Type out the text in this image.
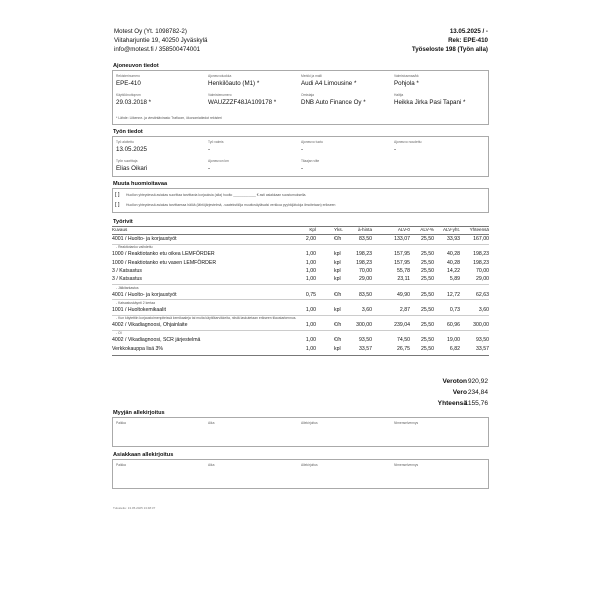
Motest Oy (Yt. 1098782-2)
Viitaharjuntie 19, 40250 Jyväskylä
info@motest.fi / 358500474001
13.05.2025 / -
Rek: EPE-410
Työseloste 198 (Työn alla)
Ajoneuvon tiedot
Rekisterinumero
EPE-410
Ajoneuvoluokka
Henkilöauto (M1) *
Merkki ja malli
Audi A4 Limousine *
Valmistusmaa/kk
Pohjola *
Käyttöönottopvm
29.03.2018 *
Valmistenumero
WAUZZZF48JA109178 *
Omistaja
DNB Auto Finance Oy *
Haltija
Heikka Jirka Pasi Tapani *
* Lähde: Liikenne- ja viestintävirasto Traficom, ökonomiatiedot rekisteri
Työn tiedot
Työ aloitettu
13.05.2025
Työ valmis
-
Ajoneuvo tuotu
-
Ajoneuvo noudettu
-
Työn suorittaja
Elias Oikari
Ajoneuvon km
-
Tilaajan viite
-
Muuta huomioitavaa
[ ] Huollon yhteydessä asiakas suorittaa tarvittavia korjauksia (alla) huolto ____________ € asti asiakkaan suostumuksella.
[ ] Huollon yhteydessä asiakas tarvittaessa hälöä (lähtöjärjestelmä, -vaatekstilöja muuttoväyläsalsi verkkoa pyyhkijätuloja ilmoitetaan) erikseen
Työrivit
Kuvaus	Kpl	Yks.	à-hinta	ALV-0	ALV-%	ALV-yht.	Yhteensä
4001 / Huolto- ja korjaustyöt	2,00	€/h	83,50	133,07	25,50	33,93	167,00
- Reaktiotanko vaihdettu
1000 / Reaktiotanko etu oikea LEMFÖRDER	1,00	kpl	198,23	157,95	25,50	40,28	198,23
1000 / Reaktiotanko etu vasen LEMFÖRDER	1,00	kpl	198,23	157,95	25,50	40,28	198,23
3 / Katsastus	1,00	kpl	70,00	55,78	25,50	14,22	70,00
3 / Katsastus	1,00	kpl	29,00	23,11	25,50	5,89	29,00
- Jälkitarkastus
4001 / Huolto- ja korjaustyöt	0,75	€/h	83,50	49,90	25,50	12,72	62,63
- Katsastuskäynti 2 kertaa
1001 / Huoltokemikaalit	1,00	kpl	3,60	2,87	25,50	0,73	3,60
- Kun käytettiin korjaustoimenpiteissä kemikaaleja tai muita käyttötarvikkeita, niistä laskutetaan erikseen tilaustarkennus.
4002 / Vikadiagnoosi, Ohjainlaite	1,00	€/h	300,00	239,04	25,50	60,96	300,00
- Ol
4002 / Vikadiagnoosi, SCR järjestelmä	1,00	€/h	93,50	74,50	25,50	19,00	93,50
Verkkokauppa lisä 3%	1,00	kpl	33,57	26,75	25,50	6,82	33,57
Veroton 920,92
Vero 234,84
Yhteensä
1155,76
Myyjän allekirjoitus
Paikka	Aika	Allekirjoitus	Nimenselvennys
Asiakkaan allekirjoitus
Paikka	Aika	Allekirjoitus	Nimenselvennys
Tulostettu: 13.05.2025 13:48:37
